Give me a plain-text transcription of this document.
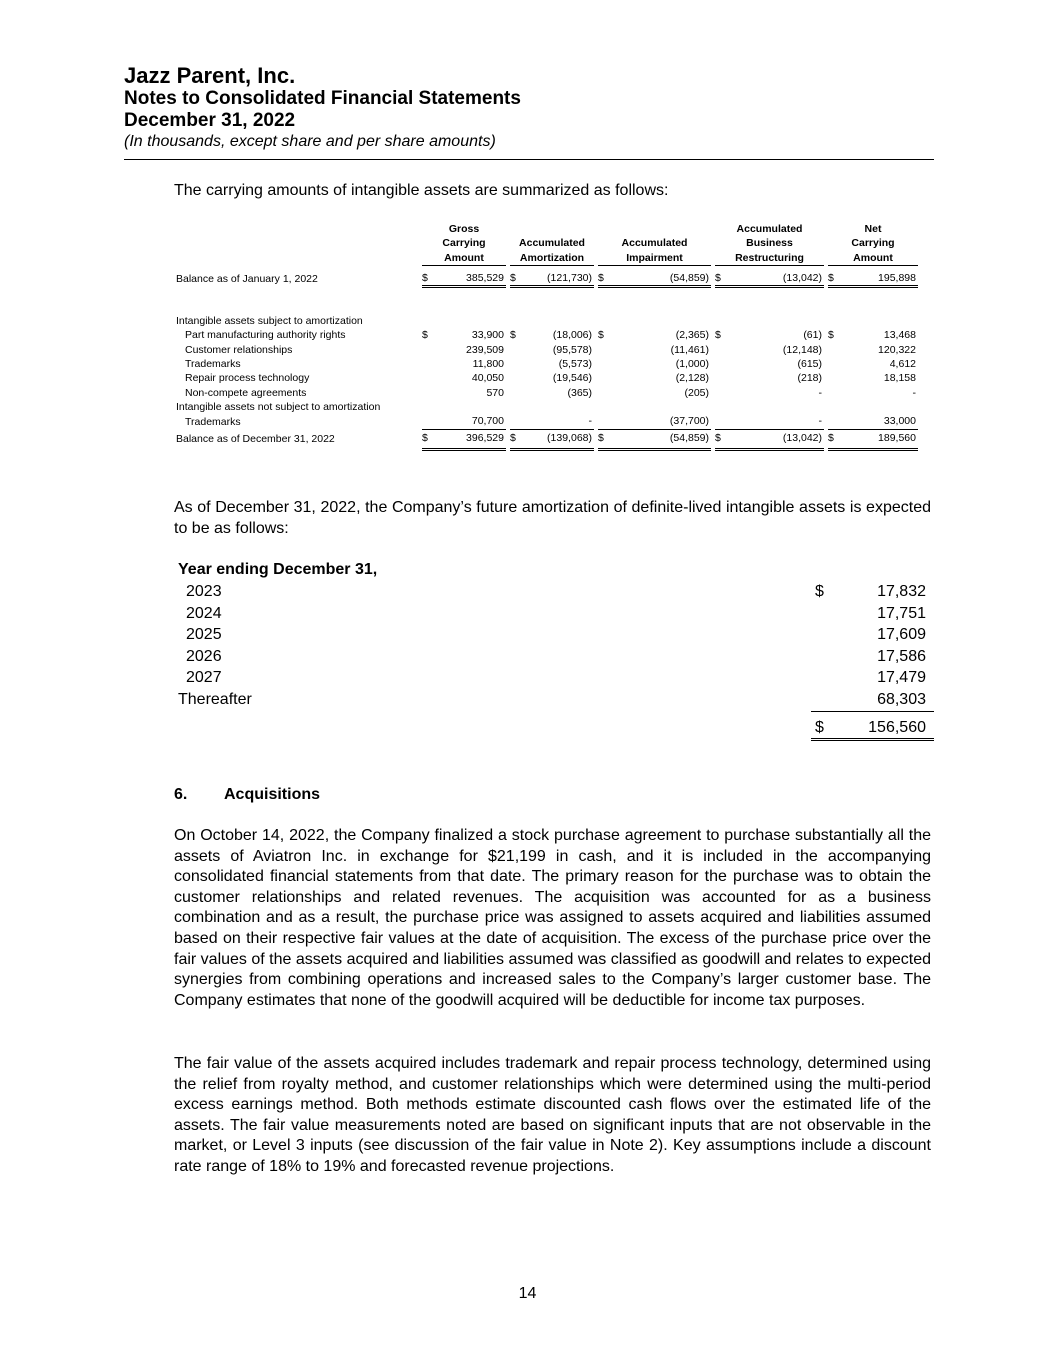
Jazz Parent, Inc.
Notes to Consolidated Financial Statements
December 31, 2022
(In thousands, except share and per share amounts)
The carrying amounts of intangible assets are summarized as follows:
	Gross									Accumulated			Net	
	Carrying			Accumulated			Accumulated			Business			Carrying	
	Amount			Amortization			Impairment			Restructuring			Amount	

Balance as of January 1, 2022	$	385,529		$	(121,730)		$	(54,859)		$	(13,042)		$	195,898

Intangible assets subject to amortization														
Part manufacturing authority rights	$	33,900		$	(18,006)		$	(2,365)		$	(61)		$	13,468
Customer relationships		239,509			(95,578)			(11,461)			(12,148)			120,322
Trademarks		11,800			(5,573)			(1,000)			(615)			4,612
Repair process technology		40,050			(19,546)			(2,128)			(218)			18,158
Non-compete agreements		570			(365)			(205)			-			-
Intangible assets not subject to amortization														
Trademarks		70,700			-			(37,700)			-			33,000
Balance as of December 31, 2022	$	396,529		$	(139,068)		$	(54,859)		$	(13,042)		$	189,560
As of December 31, 2022, the Company’s future amortization of definite-lived intangible assets is expected to be as follows:
Year ending December 31,
2023	$	17,832
2024	17,751
2025	17,609
2026	17,586
2027	17,479
Thereafter	68,303
$	156,560
6. Acquisitions
On October 14, 2022, the Company finalized a stock purchase agreement to purchase substantially all the assets of Aviatron Inc. in exchange for $21,199 in cash, and it is included in the accompanying consolidated financial statements from that date. The primary reason for the purchase was to obtain the customer relationships and related revenues. The acquisition was accounted for as a business combination and as a result, the purchase price was assigned to assets acquired and liabilities assumed based on their respective fair values at the date of acquisition. The excess of the purchase price over the fair values of the assets acquired and liabilities assumed was classified as goodwill and relates to expected synergies from combining operations and increased sales to the Company’s larger customer base. The Company estimates that none of the goodwill acquired will be deductible for income tax purposes.
The fair value of the assets acquired includes trademark and repair process technology, determined using the relief from royalty method, and customer relationships which were determined using the multi-period excess earnings method. Both methods estimate discounted cash flows over the estimated life of the assets. The fair value measurements noted are based on significant inputs that are not observable in the market, or Level 3 inputs (see discussion of the fair value in Note 2). Key assumptions include a discount rate range of 18% to 19% and forecasted revenue projections.
14
